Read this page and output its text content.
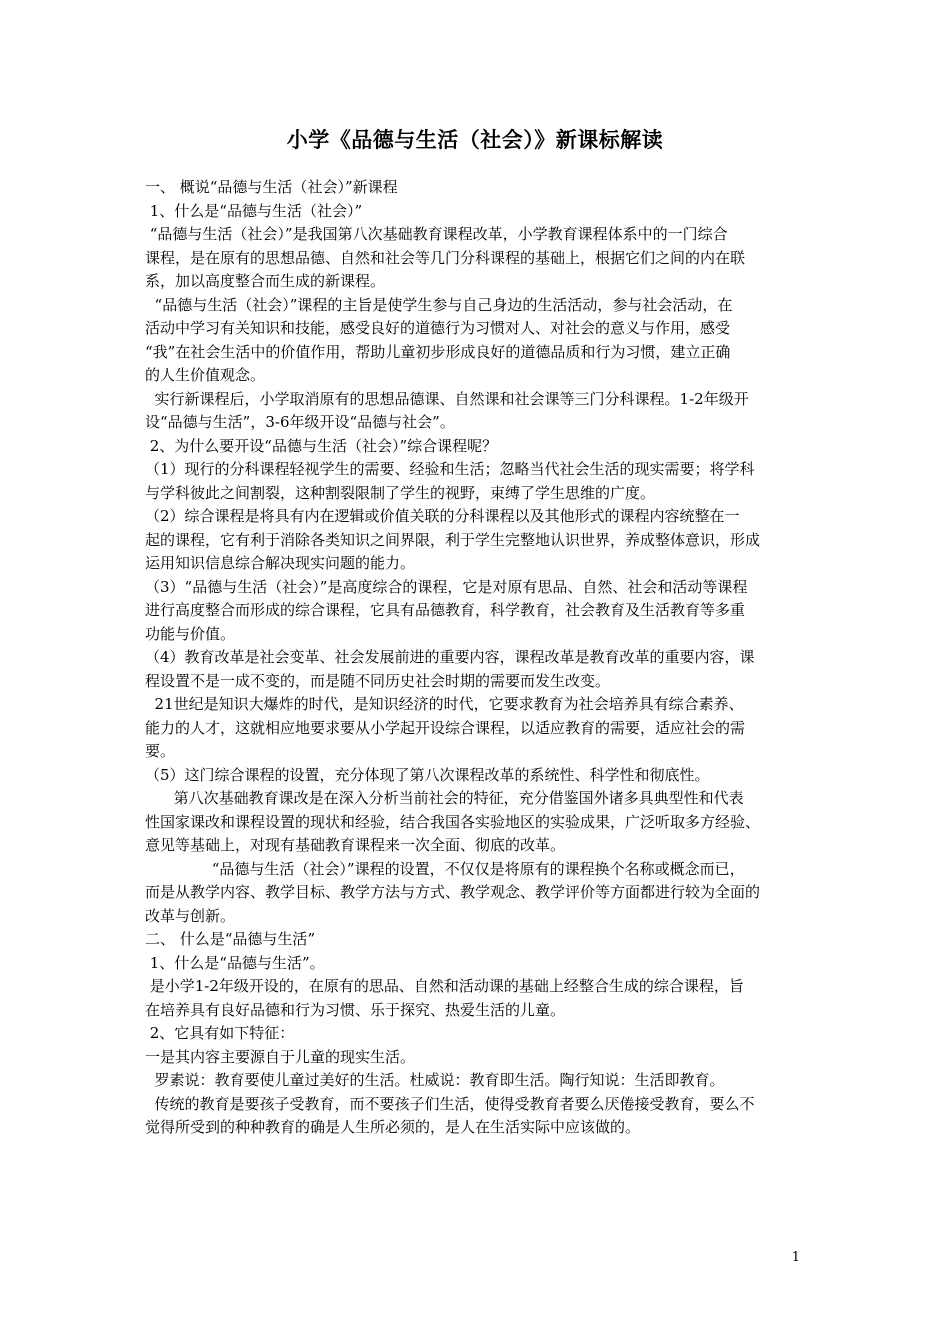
小学《品德与生活（社会）》新课标解读
一、 概说“品德与生活（社会）”新课程
1、什么是“品德与生活（社会）”
“品德与生活（社会）”是我国第八次基础教育课程改革，小学教育课程体系中的一门综合
课程，是在原有的思想品德、自然和社会等几门分科课程的基础上，根据它们之间的内在联
系，加以高度整合而生成的新课程。
“品德与生活（社会）”课程的主旨是使学生参与自己身边的生活活动，参与社会活动，在
活动中学习有关知识和技能，感受良好的道德行为习惯对人、对社会的意义与作用，感受
“我”在社会生活中的价值作用，帮助儿童初步形成良好的道德品质和行为习惯，建立正确
的人生价值观念。
实行新课程后，小学取消原有的思想品德课、自然课和社会课等三门分科课程。1-2年级开
设“品德与生活”，3-6年级开设“品德与社会”。
2、为什么要开设“品德与生活（社会）”综合课程呢？
（1）现行的分科课程轻视学生的需要、经验和生活；忽略当代社会生活的现实需要；将学科
与学科彼此之间割裂，这种割裂限制了学生的视野，束缚了学生思维的广度。
（2）综合课程是将具有内在逻辑或价值关联的分科课程以及其他形式的课程内容统整在一
起的课程，它有利于消除各类知识之间界限，利于学生完整地认识世界，养成整体意识，形成
运用知识信息综合解决现实问题的能力。
（3）“品德与生活（社会）”是高度综合的课程，它是对原有思品、自然、社会和活动等课程
进行高度整合而形成的综合课程，它具有品德教育，科学教育，社会教育及生活教育等多重
功能与价值。
（4）教育改革是社会变革、社会发展前进的重要内容，课程改革是教育改革的重要内容，课
程设置不是一成不变的，而是随不同历史社会时期的需要而发生改变。
21世纪是知识大爆炸的时代，是知识经济的时代，它要求教育为社会培养具有综合素养、
能力的人才，这就相应地要求要从小学起开设综合课程，以适应教育的需要，适应社会的需
要。
（5）这门综合课程的设置，充分体现了第八次课程改革的系统性、科学性和彻底性。
第八次基础教育课改是在深入分析当前社会的特征，充分借鉴国外诸多具典型性和代表
性国家课改和课程设置的现状和经验，结合我国各实验地区的实验成果，广泛听取多方经验、
意见等基础上，对现有基础教育课程来一次全面、彻底的改革。
“品德与生活（社会）”课程的设置，不仅仅是将原有的课程换个名称或概念而已，
而是从教学内容、教学目标、教学方法与方式、教学观念、教学评价等方面都进行较为全面的
改革与创新。
二、 什么是“品德与生活”
1、什么是“品德与生活”。
是小学1-2年级开设的，在原有的思品、自然和活动课的基础上经整合生成的综合课程，旨
在培养具有良好品德和行为习惯、乐于探究、热爱生活的儿童。
2、它具有如下特征：
一是其内容主要源自于儿童的现实生活。
罗素说：教育要使儿童过美好的生活。杜威说：教育即生活。陶行知说：生活即教育。
传统的教育是要孩子受教育，而不要孩子们生活，使得受教育者要么厌倦接受教育，要么不
觉得所受到的种种教育的确是人生所必须的，是人在生活实际中应该做的。
1
